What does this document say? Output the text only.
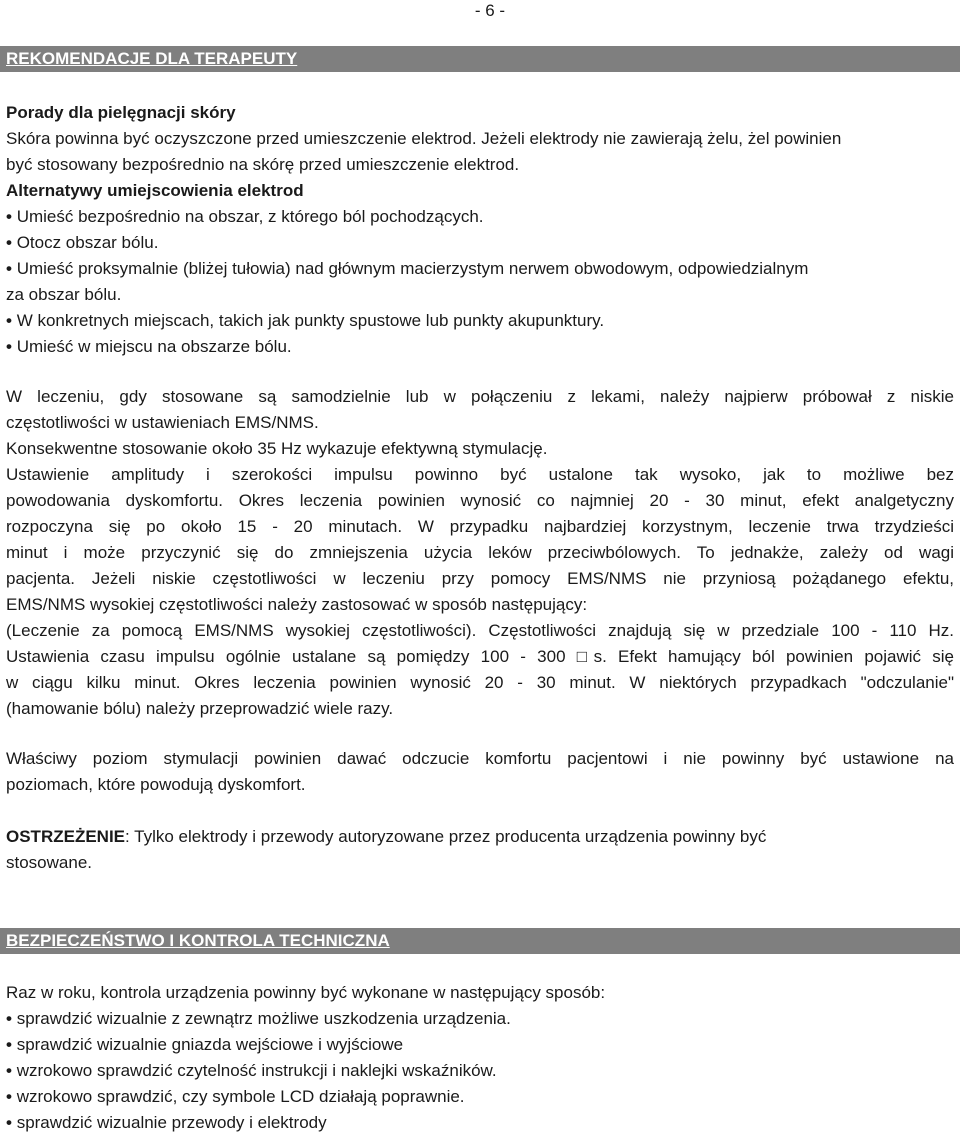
- 6 -
REKOMENDACJE DLA TERAPEUTY
Porady dla pielęgnacji skóry
Skóra powinna być oczyszczone przed umieszczenie elektrod. Jeżeli elektrody nie zawierają żelu, żel powinien
być stosowany bezpośrednio na skórę przed umieszczenie elektrod.
Alternatywy umiejscowienia elektrod
• Umieść bezpośrednio na obszar, z którego ból pochodzących.
• Otocz obszar bólu.
• Umieść proksymalnie (bliżej tułowia) nad głównym macierzystym nerwem obwodowym, odpowiedzialnym
za obszar bólu.
• W konkretnych miejscach, takich jak punkty spustowe lub punkty akupunktury.
• Umieść w miejscu na obszarze bólu.
W leczeniu, gdy stosowane są samodzielnie lub w połączeniu z lekami, należy najpierw próbował z niskie
częstotliwości w ustawieniach EMS/NMS.
Konsekwentne stosowanie około 35 Hz wykazuje efektywną stymulację.
Ustawienie amplitudy i szerokości impulsu powinno być ustalone tak wysoko, jak to możliwe bez
powodowania dyskomfortu. Okres leczenia powinien wynosić co najmniej 20 - 30 minut, efekt analgetyczny
rozpoczyna się po około 15 - 20 minutach. W przypadku najbardziej korzystnym, leczenie trwa trzydzieści
minut i może przyczynić się do zmniejszenia użycia leków przeciwbólowych. To jednakże, zależy od wagi
pacjenta. Jeżeli niskie częstotliwości w leczeniu przy pomocy EMS/NMS nie przyniosą pożądanego efektu,
EMS/NMS wysokiej częstotliwości należy zastosować w sposób następujący:
(Leczenie za pomocą EMS/NMS wysokiej częstotliwości). Częstotliwości znajdują się w przedziale 100 - 110 Hz.
Ustawienia czasu impulsu ogólnie ustalane są pomiędzy 100 - 300 □s. Efekt hamujący ból powinien pojawić się
w ciągu kilku minut. Okres leczenia powinien wynosić 20 - 30 minut. W niektórych przypadkach "odczulanie"
(hamowanie bólu) należy przeprowadzić wiele razy.
Właściwy poziom stymulacji powinien dawać odczucie komfortu pacjentowi i nie powinny być ustawione na
poziomach, które powodują dyskomfort.
OSTRZEŻENIE: Tylko elektrody i przewody autoryzowane przez producenta urządzenia powinny być
stosowane.
BEZPIECZEŃSTWO I KONTROLA TECHNICZNA
Raz w roku, kontrola urządzenia powinny być wykonane w następujący sposób:
• sprawdzić wizualnie z zewnątrz możliwe uszkodzenia urządzenia.
• sprawdzić wizualnie gniazda wejściowe i wyjściowe
• wzrokowo sprawdzić czytelność instrukcji i naklejki wskaźników.
• wzrokowo sprawdzić, czy symbole LCD działają poprawnie.
• sprawdzić wizualnie przewody i elektrody
